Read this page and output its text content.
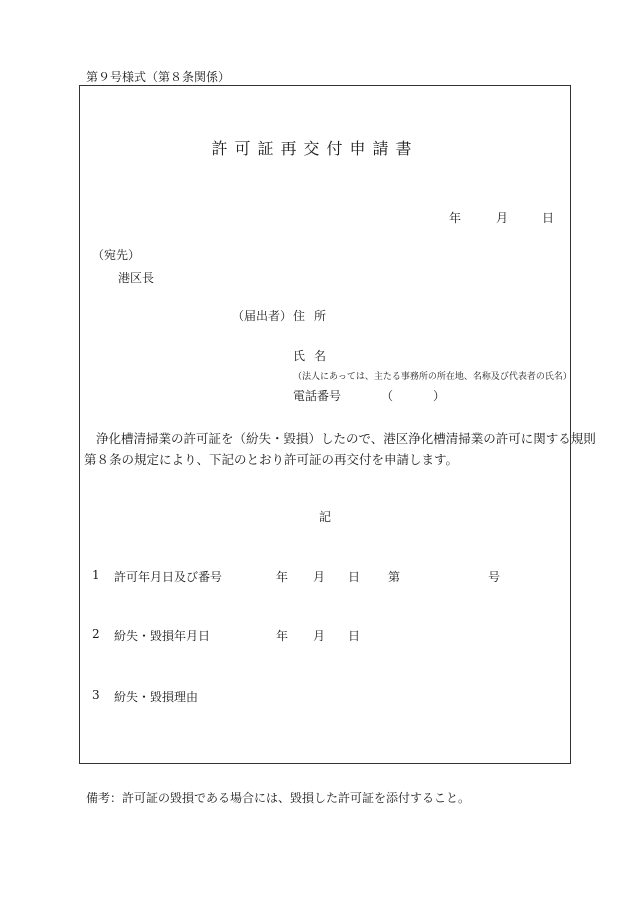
第９号様式（第８条関係）
許可証再交付申請書
年	月	日
（宛先）
港区長
（届出者） 住所
氏名
（法人にあっては、主たる事務所の所在地、名称及び代表者の氏名）
電話番号	（	）
浄化槽清掃業の許可証を（紛失・毀損）したので、港区浄化槽清掃業の許可に関する規則
第８条の規定により、下記のとおり許可証の再交付を申請します。
記
1 許可年月日及び番号	年 月 日 第	号
2 紛失・毀損年月日	年 月 日
3 紛失・毀損理由
備考：許可証の毀損である場合には、毀損した許可証を添付すること。
